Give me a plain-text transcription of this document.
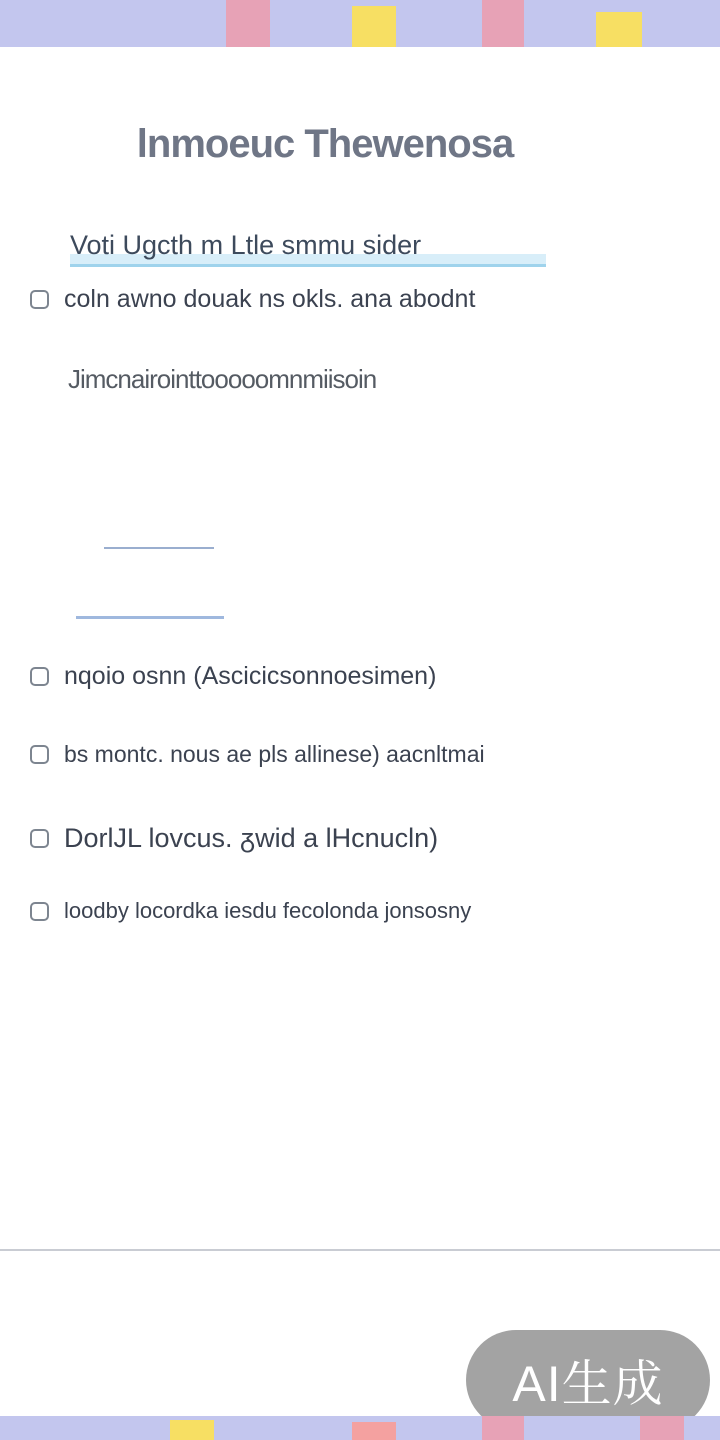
lnmoeuc Thewenosa
Voti Ugcth m Ltle smmu sider
coln awno douak ns okls. ana abodnt
Jimcnairointtooooomnmiisoin
nqoio osnn (Ascicicsonnoesimen)
bs montc. nous ae pls allinese) aacnltmai
DorlJL lovcus. ᵹwid a lHcnucln)
loodby locordka iesdu fecolonda jonsosny
AI生成
